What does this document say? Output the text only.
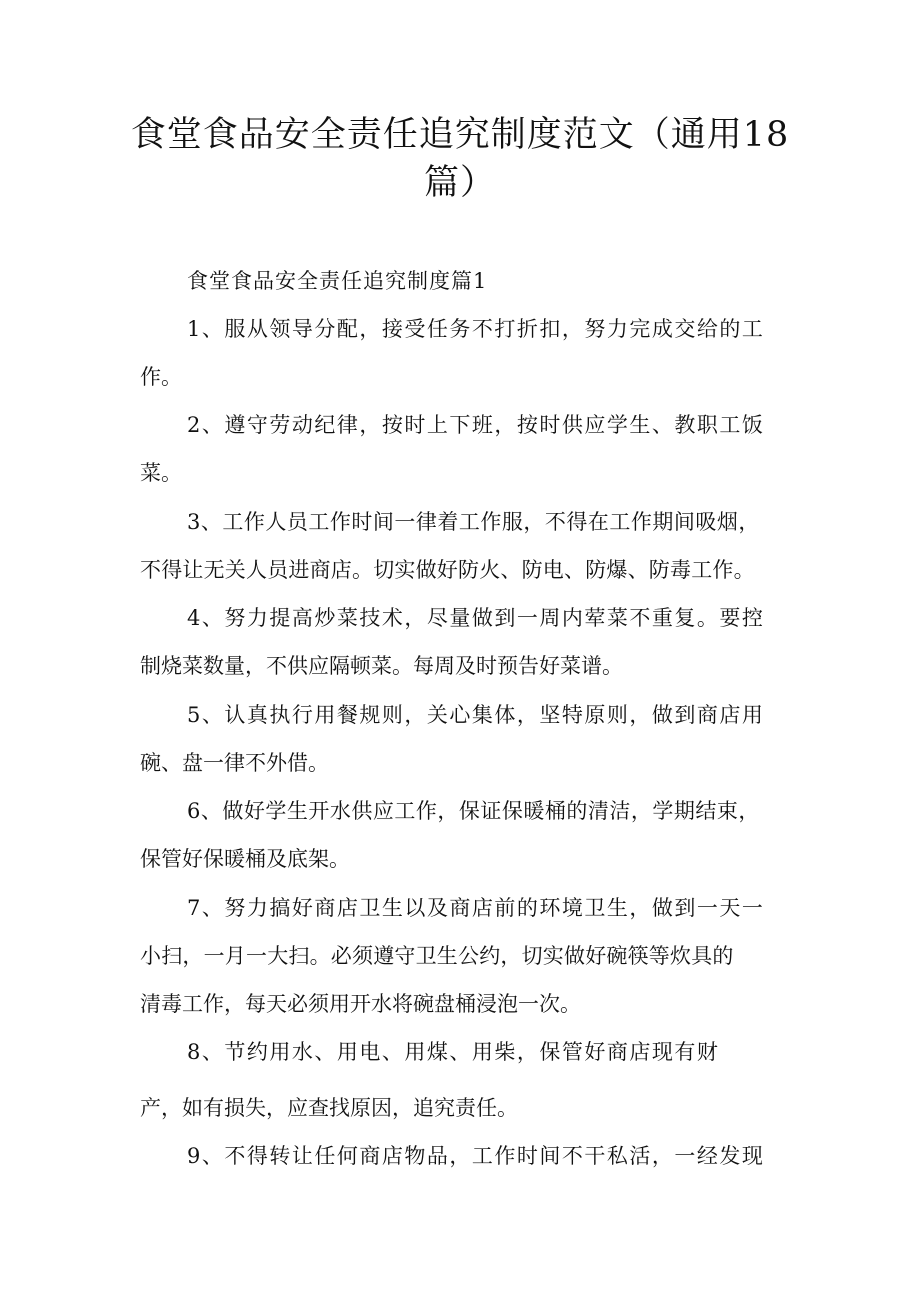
食堂食品安全责任追究制度范文（通用18
篇）
食堂食品安全责任追究制度篇1
1、服从领导分配，接受任务不打折扣，努力完成交给的工
作。
2、遵守劳动纪律，按时上下班，按时供应学生、教职工饭
菜。
3、工作人员工作时间一律着工作服，不得在工作期间吸烟，
不得让无关人员进商店。切实做好防火、防电、防爆、防毒工作。
4、努力提高炒菜技术，尽量做到一周内荤菜不重复。要控
制烧菜数量，不供应隔顿菜。每周及时预告好菜谱。
5、认真执行用餐规则，关心集体，坚特原则，做到商店用
碗、盘一律不外借。
6、做好学生开水供应工作，保证保暖桶的清洁，学期结束，
保管好保暖桶及底架。
7、努力搞好商店卫生以及商店前的环境卫生，做到一天一
小扫，一月一大扫。必须遵守卫生公约，切实做好碗筷等炊具的
清毒工作，每天必须用开水将碗盘桶浸泡一次。
8、节约用水、用电、用煤、用柴，保管好商店现有财
产，如有损失，应查找原因，追究责任。
9、不得转让任何商店物品，工作时间不干私活，一经发现
